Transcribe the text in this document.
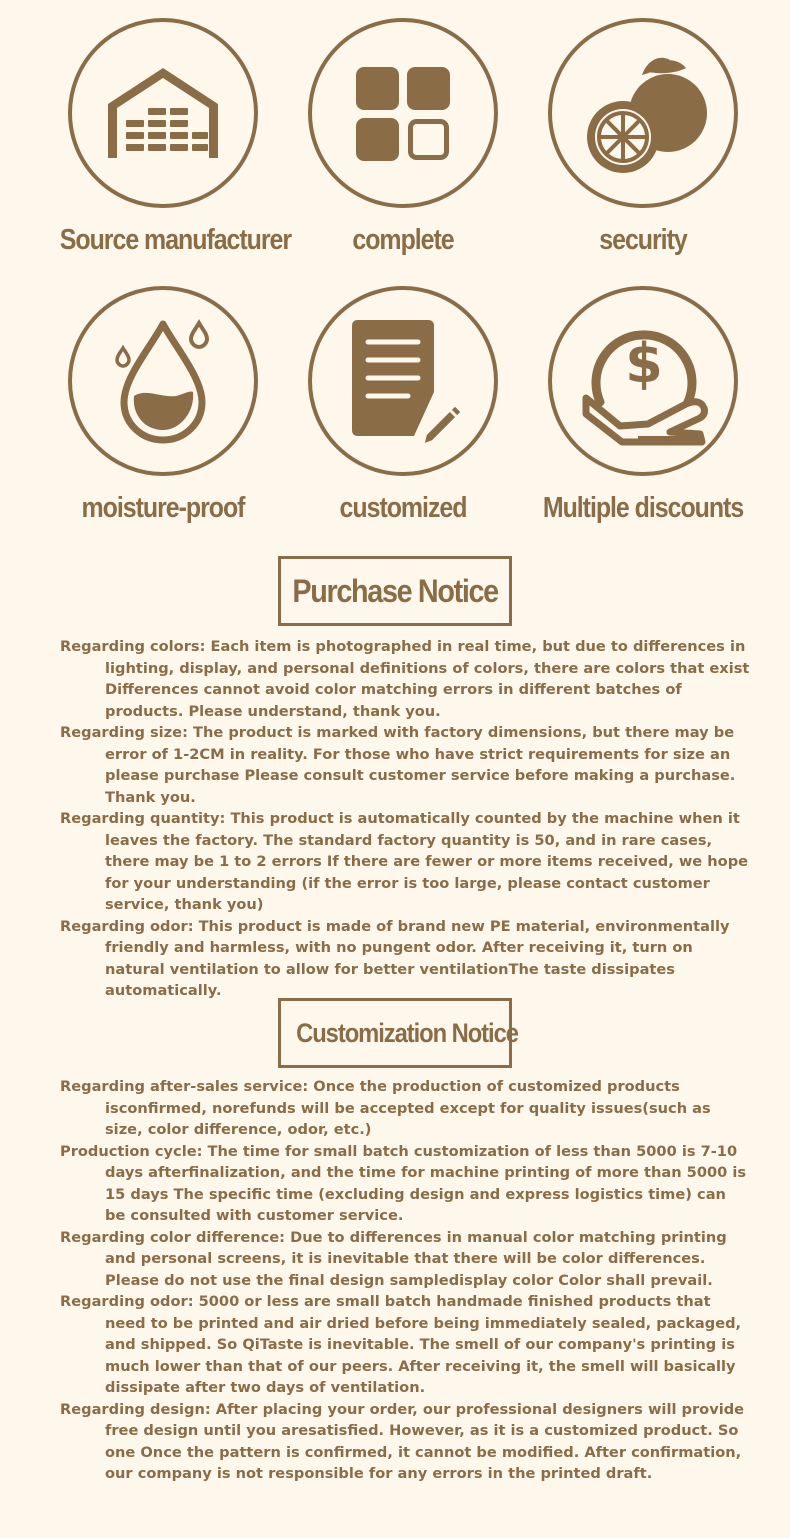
Source manufacturer	complete	security
moisture-proof	customized
$
Multiple discounts
Purchase Notice
Regarding colors: Each item is photographed in real time, but due to differences in lighting, display, and personal definitions of colors, there are colors that exist Differences cannot avoid color matching errors in different batches of products. Please understand, thank you.
Regarding size: The product is marked with factory dimensions, but there may be error of 1-2CM in reality. For those who have strict requirements for size an please purchase Please consult customer service before making a purchase. Thank you.
Regarding quantity: This product is automatically counted by the machine when it leaves the factory. The standard factory quantity is 50, and in rare cases, there may be 1 to 2 errors If there are fewer or more items received, we hope for your understanding (if the error is too large, please contact customer service, thank you)
Regarding odor: This product is made of brand new PE material, environmentally friendly and harmless, with no pungent odor. After receiving it, turn on natural ventilation to allow for better ventilationThe taste dissipates automatically.
Customization Notice
Regarding after-sales service: Once the production of customized products isconfirmed, norefunds will be accepted except for quality issues(such as size, color difference, odor, etc.)
Production cycle: The time for small batch customization of less than 5000 is 7-10 days afterfinalization, and the time for machine printing of more than 5000 is 15 days The specific time (excluding design and express logistics time) can be consulted with customer service.
Regarding color difference: Due to differences in manual color matching printing and personal screens, it is inevitable that there will be color differences. Please do not use the final design sampledisplay color Color shall prevail.
Regarding odor: 5000 or less are small batch handmade finished products that need to be printed and air dried before being immediately sealed, packaged, and shipped. So QiTaste is inevitable. The smell of our company's printing is much lower than that of our peers. After receiving it, the smell will basically dissipate after two days of ventilation.
Regarding design: After placing your order, our professional designers will provide free design until you aresatisfied. However, as it is a customized product. So one Once the pattern is confirmed, it cannot be modified. After confirmation, our company is not responsible for any errors in the printed draft.
